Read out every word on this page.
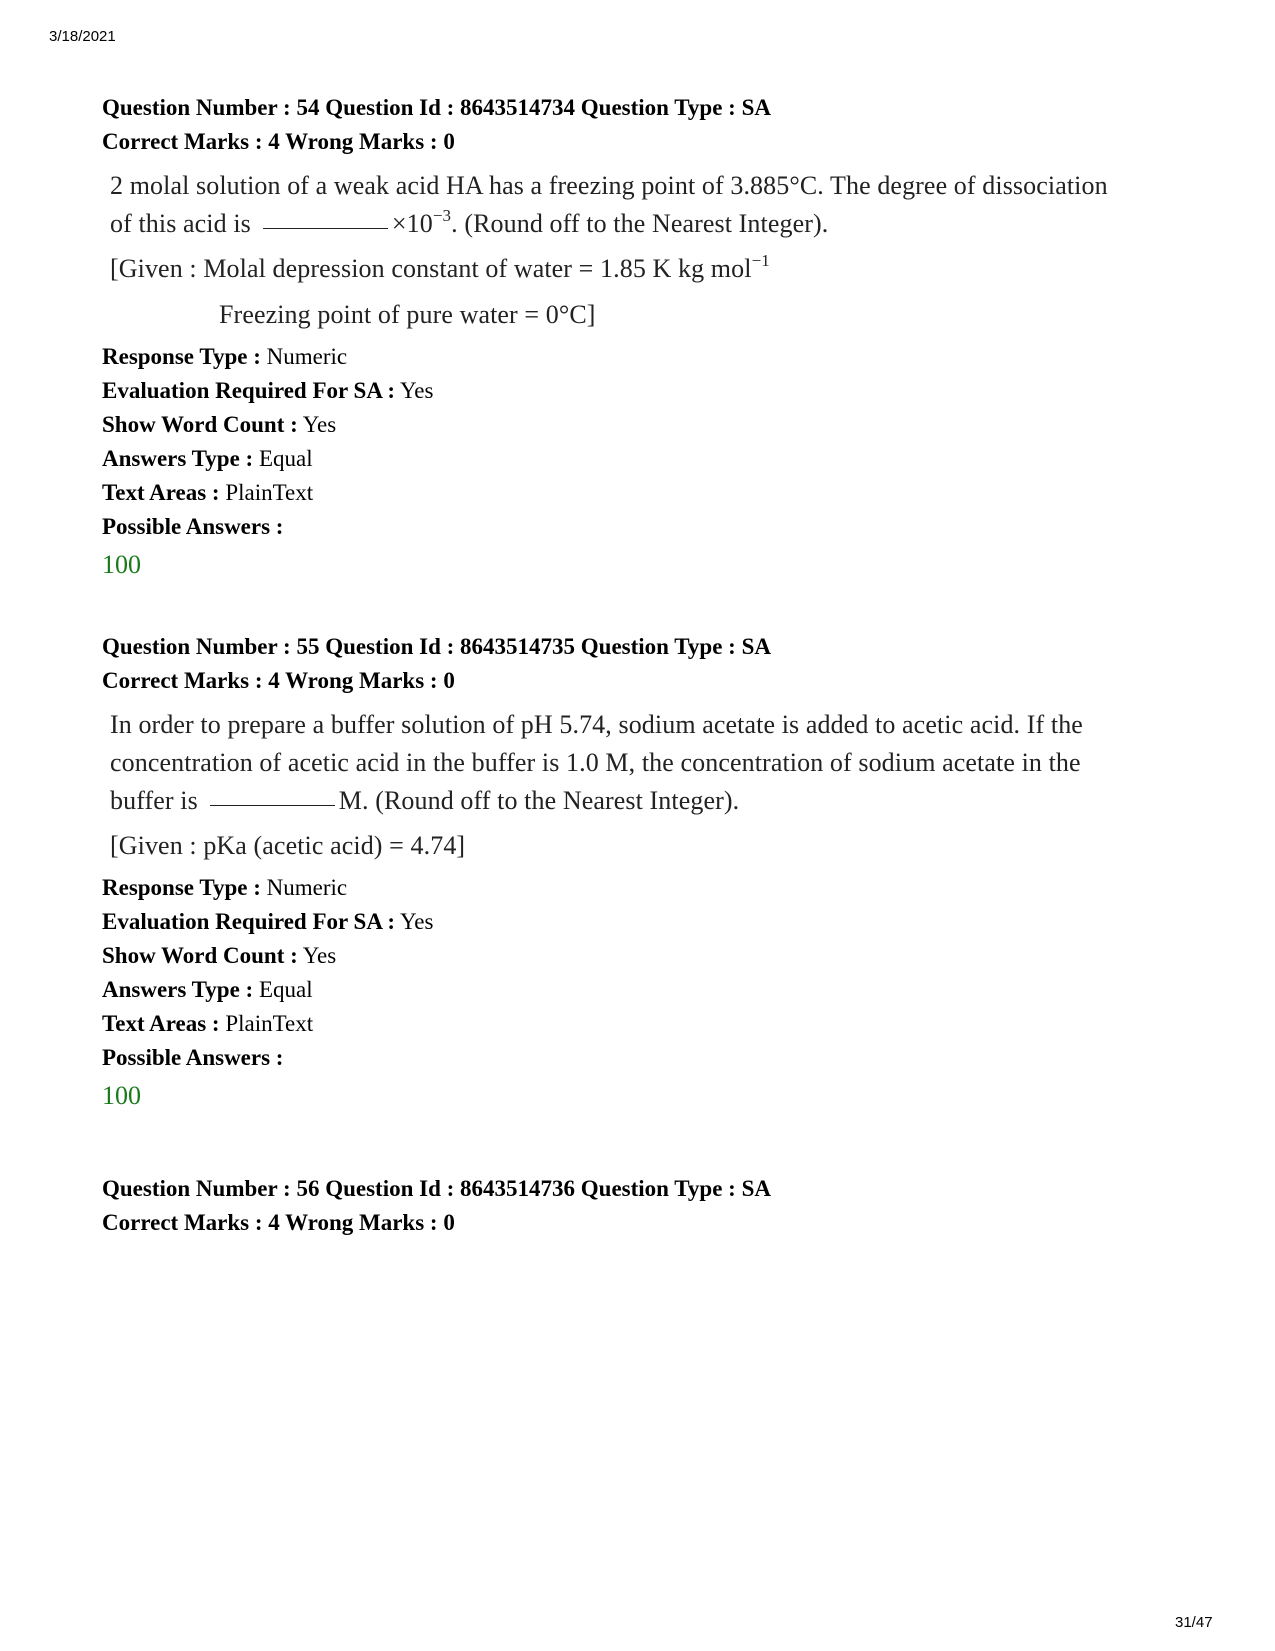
3/18/2021
Question Number : 54 Question Id : 8643514734 Question Type : SA
Correct Marks : 4 Wrong Marks : 0
2 molal solution of a weak acid HA has a freezing point of 3.885°C. The degree of dissociation
of this acid is	$\times 10^{-3}$. (Round off to the Nearest Integer).
[Given : Molal depression constant of water = 1.85 K kg mol$^{-1}$
Freezing point of pure water = 0°C]
Response Type : Numeric
Evaluation Required For SA : Yes
Show Word Count : Yes
Answers Type : Equal
Text Areas : PlainText
Possible Answers :
100
Question Number : 55 Question Id : 8643514735 Question Type : SA
Correct Marks : 4 Wrong Marks : 0
In order to prepare a buffer solution of pH 5.74, sodium acetate is added to acetic acid. If the
concentration of acetic acid in the buffer is 1.0 M, the concentration of sodium acetate in the
buffer is	M. (Round off to the Nearest Integer).
[Given : pKa (acetic acid) = 4.74]
Response Type : Numeric
Evaluation Required For SA : Yes
Show Word Count : Yes
Answers Type : Equal
Text Areas : PlainText
Possible Answers :
100
Question Number : 56 Question Id : 8643514736 Question Type : SA
Correct Marks : 4 Wrong Marks : 0
31/47
